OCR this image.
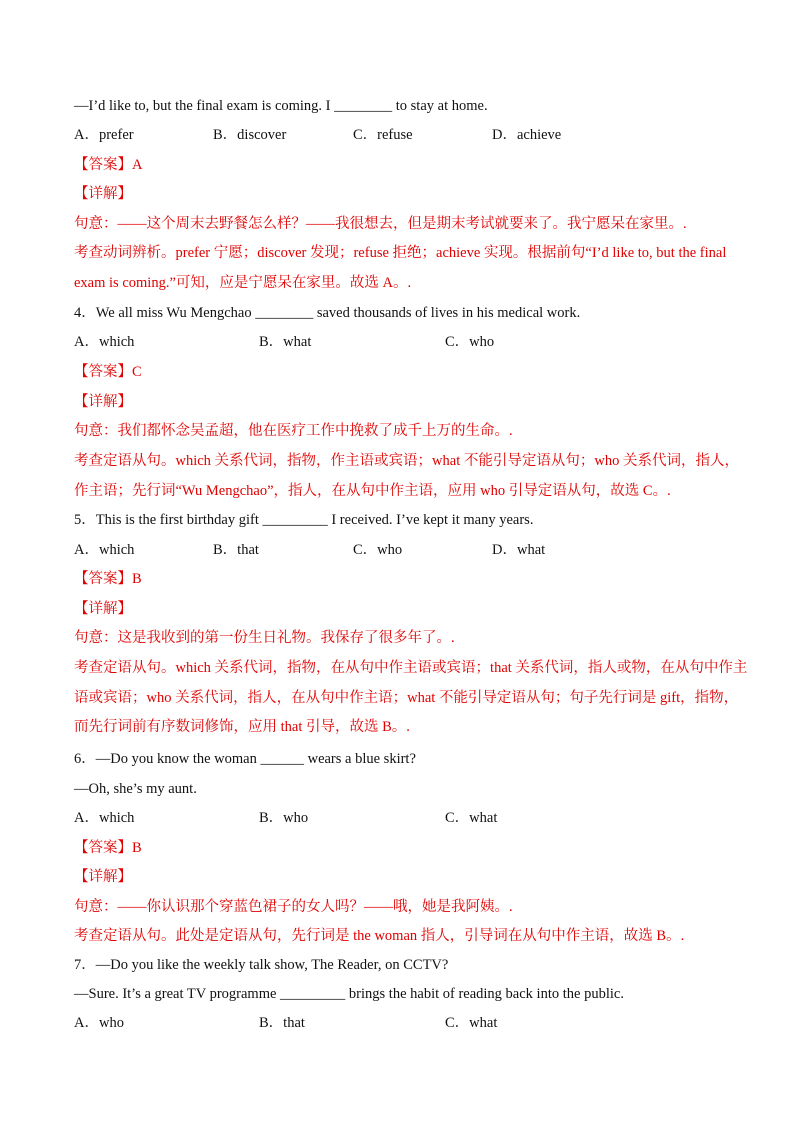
—I’d like to, but the final exam is coming. I ________ to stay at home.
A．prefer	B．discover	C．refuse	D．achieve
【答案】A
【详解】
句意：——这个周末去野餐怎么样？——我很想去，但是期末考试就要来了。我宁愿呆在家里。.
考查动词辨析。prefer 宁愿；discover 发现；refuse 拒绝；achieve 实现。根据前句“I’d like to, but the final
exam is coming.”可知，应是宁愿呆在家里。故选 A。.
4．We all miss Wu Mengchao ________ saved thousands of lives in his medical work.
A．which	B．what	C．who
【答案】C
【详解】
句意：我们都怀念吴孟超，他在医疗工作中挽救了成千上万的生命。.
考查定语从句。which 关系代词，指物，作主语或宾语；what 不能引导定语从句；who 关系代词，指人，
作主语；先行词“Wu Mengchao”，指人，在从句中作主语，应用 who 引导定语从句，故选 C。.
5．This is the first birthday gift _________ I received. I’ve kept it many years.
A．which	B．that	C．who	D．what
【答案】B
【详解】
句意：这是我收到的第一份生日礼物。我保存了很多年了。.
考查定语从句。which 关系代词，指物，在从句中作主语或宾语；that 关系代词，指人或物，在从句中作主
语或宾语；who 关系代词，指人，在从句中作主语；what 不能引导定语从句；句子先行词是 gift，指物，
而先行词前有序数词修饰，应用 that 引导，故选 B。.
6．—Do you know the woman ______ wears a blue skirt?
—Oh, she’s my aunt.
A．which	B．who	C．what
【答案】B
【详解】
句意：——你认识那个穿蓝色裙子的女人吗？——哦，她是我阿姨。.
考查定语从句。此处是定语从句，先行词是 the woman 指人，引导词在从句中作主语，故选 B。.
7．—Do you like the weekly talk show, The Reader, on CCTV?
—Sure. It’s a great TV programme _________ brings the habit of reading back into the public.
A．who	B．that	C．what
